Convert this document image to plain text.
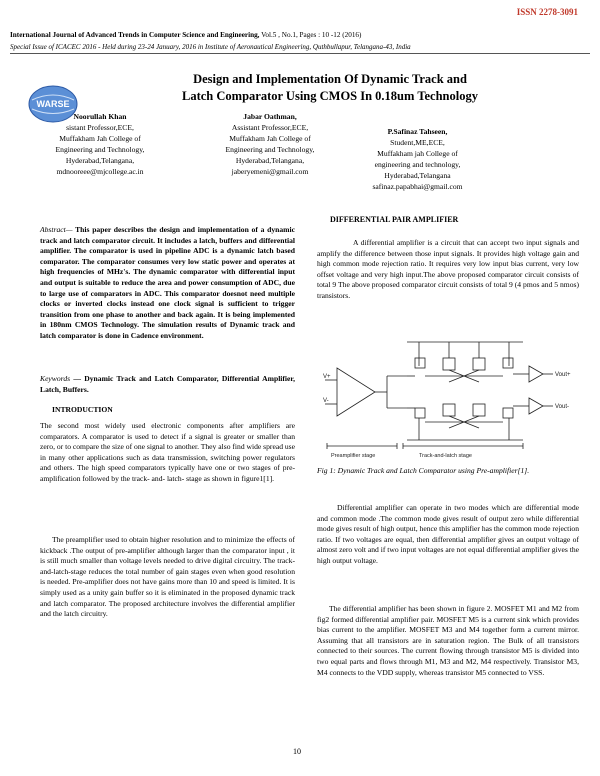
ISSN 2278-3091
International Journal of Advanced Trends in Computer Science and Engineering, Vol.5 , No.1, Pages : 10 -12 (2016)
Special Issue of ICACEC 2016 - Held during 23-24 January, 2016 in Institute of Aeronautical Engineering, Quthbullapur, Telangana-43, India
WARSE
Design and Implementation Of Dynamic Track and
Latch Comparator Using CMOS In 0.18um Technology
Noorullah Khan
sistant Professor,ECE,
Muffakham Jah College of
Engineering and Technology,
Hyderabad,Telangana,
mdnooreee@mjcollege.ac.in
Jabar Oathman,
Assistant Professor,ECE,
Muffakham Jah College of
Engineering and Technology,
Hyderabad,Telangana,
jaberyemeni@gmail.com
P.Safinaz Tahseen,
Student,ME,ECE,
Muffakham jah College of
engineering and technology,
Hyderabad,Telangana
safinaz.papabhai@gmail.com
Abstract— This paper describes the design and implementation of a dynamic track and latch comparator circuit. It includes a latch, buffers and differential amplifier. The comparator is used in pipeline ADC is a dynamic latch based comparator. The comparator consumes very low static power and operates at high frequencies of MHz's. The dynamic comparator with differential input and output is suitable to reduce the area and power consumption of ADC, due to large use of comparators in ADC. This comparator doesnot need multiple clocks or inverted clocks instead one clock signal is sufficient to trigger transition from one phase to another and back again. It is being implemented in 180nm CMOS Technology. The simulation results of Dynamic track and latch comparator is done in Cadence environment.
Keywords — Dynamic Track and Latch Comparator, Differential Amplifier, Latch, Buffers.
INTRODUCTION
The second most widely used electronic components after amplifiers are comparators. A comparator is used to detect if a signal is greater or smaller than zero, or to compare the size of one signal to another. They also find wide spread use in many other applications such as data transmission, switching power regulators and others. The high speed comparators typically have one or two stages of pre-amplification followed by the track- and- latch- stage as shown in figure1[1].
The preamplifier used to obtain higher resolution and to minimize the effects of kickback .The output of pre-amplifier although larger than the comparator input , it is still much smaller than voltage levels needed to drive digital circuitry. The track-and-latch-stage reduces the total number of gain stages even when good resolution is needed. Pre-amplifier does not have gains more than 10 and speed is limited. It is simply used as a unity gain buffer so it is eliminated in the proposed dynamic track and latch comparator. The proposed architecture involves the differential amplifier and the latch circuitry.
DIFFERENTIAL PAIR AMPLIFIER
A differential amplifier is a circuit that can accept two input signals and amplify the difference between those input signals. It provides high voltage gain and high common mode rejection ratio. It requires very low input bias current, very low offset voltage and very high input.The above proposed comparator circuit consists of total 9 The above proposed comparator circuit consists of total 9 (4 pmos and 5 nmos) transistors.
V+
V-
Vout+
Vout-
Preamplifier stage	Track-and-latch stage
Fig 1: Dynamic Track and Latch Comparator using Pre-amplifier[1].
Differential amplifier can operate in two modes which are differential mode and common mode .The common mode gives result of output zero while differential mode gives result of high output, hence this amplifier has the common mode rejection ratio. If two voltages are equal, then differential amplifier gives an output voltage of almost zero volt and if two input voltages are not equal differential amplifier gives the high output voltage.
The differential amplifier has been shown in figure 2. MOSFET M1 and M2 from fig2 formed differential amplifier pair. MOSFET M5 is a current sink which provides bias current to the amplifier. MOSFET M3 and M4 together form a current mirror. Assuming that all transistors are in saturation region. The Bulk of all transistors connected to their sources. The current flowing through transistor M5 is divided into two equal parts and flows through M1, M3 and M2, M4 respectively. Transistor M3, M4 connects to the VDD supply, whereas transistor M5 connected to VSS.
10
